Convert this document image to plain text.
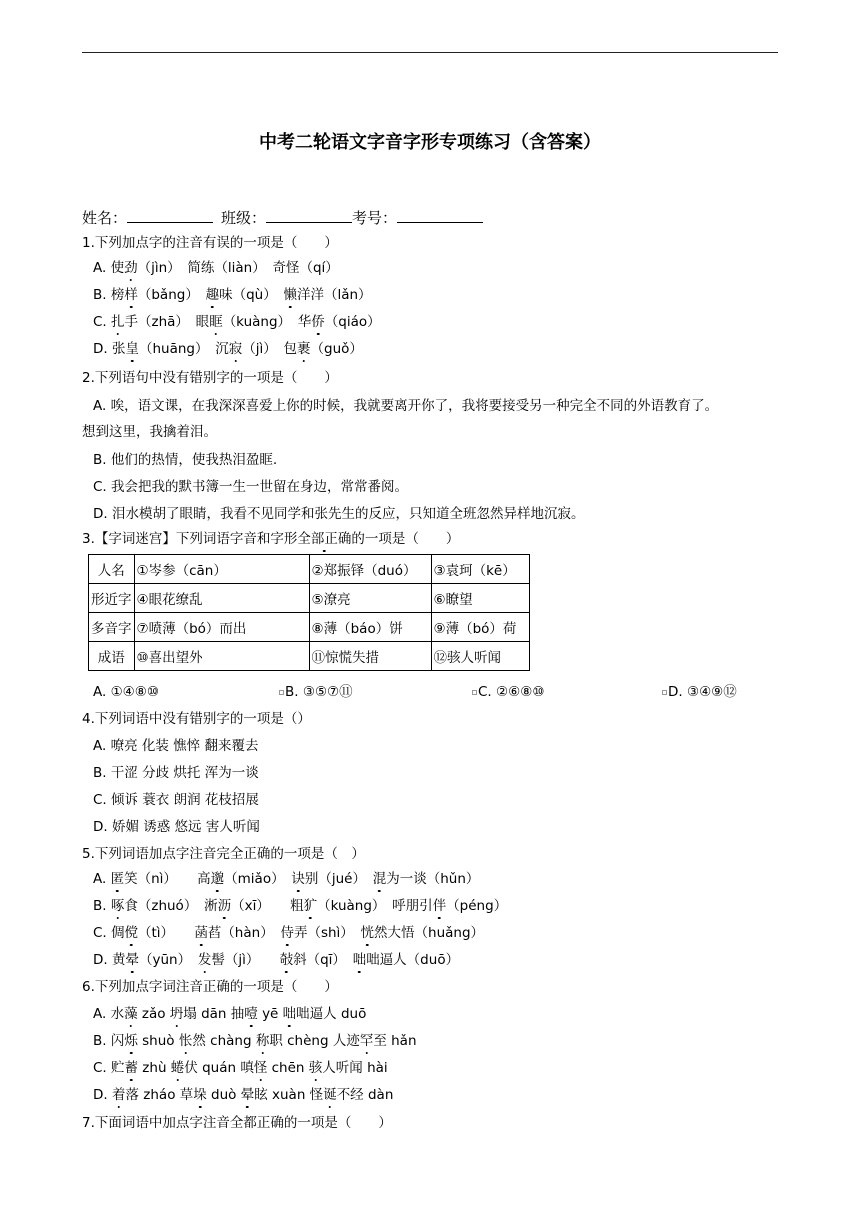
中考二轮语文字音字形专项练习（含答案）
姓名：	班级：	考号：
1.下列加点字的注音有误的一项是（　　）
A. 使劲（jìn）　简练（liàn）　奇怪（qí）
B. 榜样（bǎng）　趣味（qù）　懒洋洋（lǎn）
C. 扎手（zhā）　眼眶（kuàng）　华侨（qiáo）
D. 张皇（huāng）　沉寂（jì）　包裹（guǒ）
2.下列语句中没有错别字的一项是（　　）
A. 唉，语文课，在我深深喜爱上你的时候，我就要离开你了，我将要接受另一种完全不同的外语教育了。
想到这里，我擒着泪。
B. 他们的热情，使我热泪盈眶.
C. 我会把我的默书簿一生一世留在身边，常常番阅。
D. 泪水模胡了眼睛，我看不见同学和张先生的反应，只知道全班忽然异样地沉寂。
3.【字词迷宫】下列词语字音和字形全部正确的一项是（　　）
人名	①岑参（cān）	②郑振铎（duó）	③袁珂（kē）
形近字	④眼花缭乱	⑤潦亮	⑥瞭望
多音字	⑦喷薄（bó）而出	⑧薄（báo）饼	⑨薄（bó）荷
成语	⑩喜出望外	⑪惊慌失措	⑫骇人听闻
A. ①④⑧⑩	B. ③⑤⑦⑪	C. ②⑥⑧⑩	D. ③④⑨⑫
4.下列词语中没有错别字的一项是（）
A. 嘹亮 化装 憔悴 翻来覆去
B. 干涩 分歧 烘托 浑为一谈
C. 倾诉 蓑衣 朗润 花枝招展
D. 娇媚 诱惑 悠远 害人听闻
5.下列词语加点字注音完全正确的一项是（　）
A. 匿笑（nì）　　高邈（miǎo）　诀别（jué）　混为一谈（hǔn）
B. 啄食（zhuó）　淅沥（xī）　　粗犷（kuàng）　呼朋引伴（péng）
C. 倜傥（tì）　　菡萏（hàn）　侍弄（shì）　恍然大悟（huǎng）
D. 黄晕（yūn）　发髻（jì）　　敧斜（qī）　咄咄逼人（duō）
6.下列加点字词注音正确的一项是（　　）
A. 水藻 zǎo 坍塌 dān 抽噎 yē 咄咄逼人 duō
B. 闪烁 shuò 怅然 chàng 称职 chèng 人迹罕至 hǎn
C. 贮蓄 zhù 蜷伏 quán 嗔怪 chēn 骇人听闻 hài
D. 着落 zháo 草垛 duò 晕眩 xuàn 怪诞不经 dàn
7.下面词语中加点字注音全都正确的一项是（　　）
